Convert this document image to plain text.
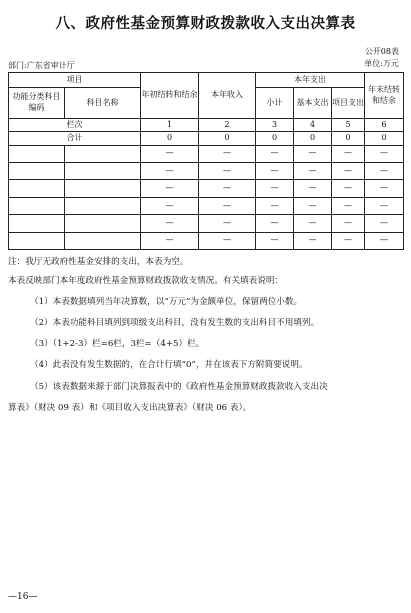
八、政府性基金预算财政拨款收入支出决算表
公开08表
部门:广东省审计厅	单位:万元
项目		年初结转和结余	本年收入	本年支出			年末结转和结余
功能分类科目编码	科目名称			小计	基本支出	项目支出	

栏次		1	2	3	4	5	6
合计		0	0	0	0	0	0
		—	—	—	—	—	—
		—	—	—	—	—	—
		—	—	—	—	—	—
		—	—	—	—	—	—
		—	—	—	—	—	—
		—	—	—	—	—	—
注：我厅无政府性基金安排的支出，本表为空。
本表反映部门本年度政府性基金预算财政拨款收支情况。有关填表说明：
（1）本表数据填列当年决算数，以“万元”为金额单位，保留两位小数。
（2）本表功能科目填列到项级支出科目，没有发生数的支出科目不用填列。
（3）（1+2-3）栏=6栏，3栏=（4+5）栏。
（4）此表没有发生数据的，在合计行填“0”，并在该表下方附简要说明。
（5）该表数据来源于部门决算报表中的《政府性基金预算财政拨款收入支出决
算表》（财决 09 表）和《项目收入支出决算表》（财决 06 表）。
—16—
